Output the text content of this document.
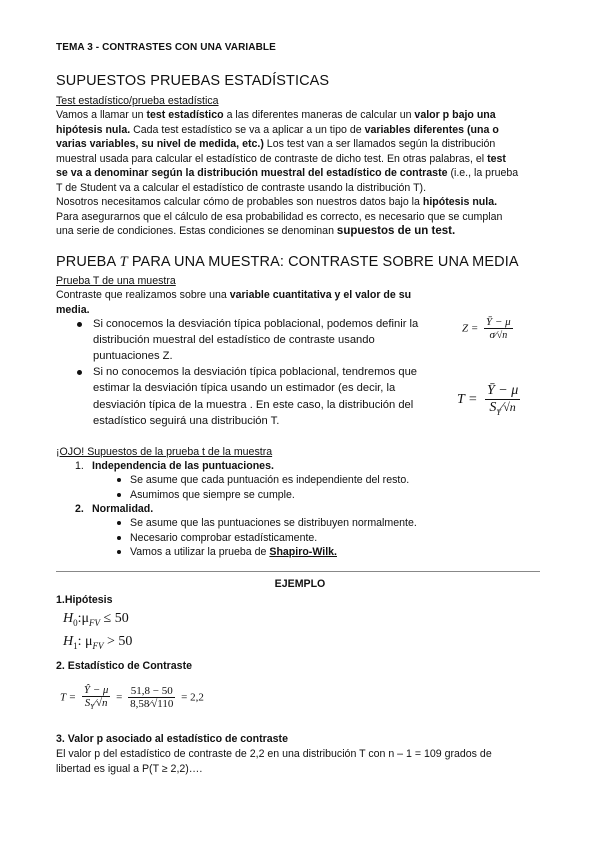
TEMA 3 - CONTRASTES CON UNA VARIABLE
SUPUESTOS PRUEBAS ESTADÍSTICAS
Test estadístico/prueba estadística
Vamos a llamar un test estadístico a las diferentes maneras de calcular un valor p bajo una
hipótesis nula. Cada test estadístico se va a aplicar a un tipo de variables diferentes (una o
varias variables, su nivel de medida, etc.) Los test van a ser llamados según la distribución
muestral usada para calcular el estadístico de contraste de dicho test. En otras palabras, el test
se va a denominar según la distribución muestral del estadístico de contraste (i.e., la prueba
T de Student va a calcular el estadístico de contraste usando la distribución T).
Nosotros necesitamos calcular cómo de probables son nuestros datos bajo la hipótesis nula.
Para asegurarnos que el cálculo de esa probabilidad es correcto, es necesario que se cumplan
una serie de condiciones. Estas condiciones se denominan supuestos de un test.
PRUEBA T PARA UNA MUESTRA: CONTRASTE SOBRE UNA MEDIA
Prueba T de una muestra
Contraste que realizamos sobre una variable cuantitativa y el valor de su
media.
Si conocemos la desviación típica poblacional, podemos definir la
distribución muestral del estadístico de contraste usando
puntuaciones Z.
$Z = \frac{Ȳ - \mu}{\sigma⁄√n}$
Si no conocemos la desviación típica poblacional, tendremos que
estimar la desviación típica usando un estimador (es decir, la
desviación típica de la muestra . En este caso, la distribución del
estadístico seguirá una distribución T.
$T = \frac{Ȳ - \mu}{S_Y⁄√n}$
¡OJO! Supuestos de la prueba t de la muestra
1. Independencia de las puntuaciones.
Se asume que cada puntuación es independiente del resto.
Asumimos que siempre se cumple.
2. Normalidad.
Se asume que las puntuaciones se distribuyen normalmente.
Necesario comprobar estadísticamente.
Vamos a utilizar la prueba de Shapiro-Wilk.
EJEMPLO
1.Hipótesis
$H_0:\mu_{FV} \le 50$
$H_1$: $\mu_{FV} > 50$
2. Estadístico de Contraste
$T = \frac{Ŷ - \mu}{S_Y⁄√n} = \frac{51,8 - 50}{8,58⁄√110} = 2,2$
3. Valor p asociado al estadístico de contraste
El valor p del estadístico de contraste de 2,2 en una distribución T con n – 1 = 109 grados de
libertad es igual a P(T ≥ 2,2)….
